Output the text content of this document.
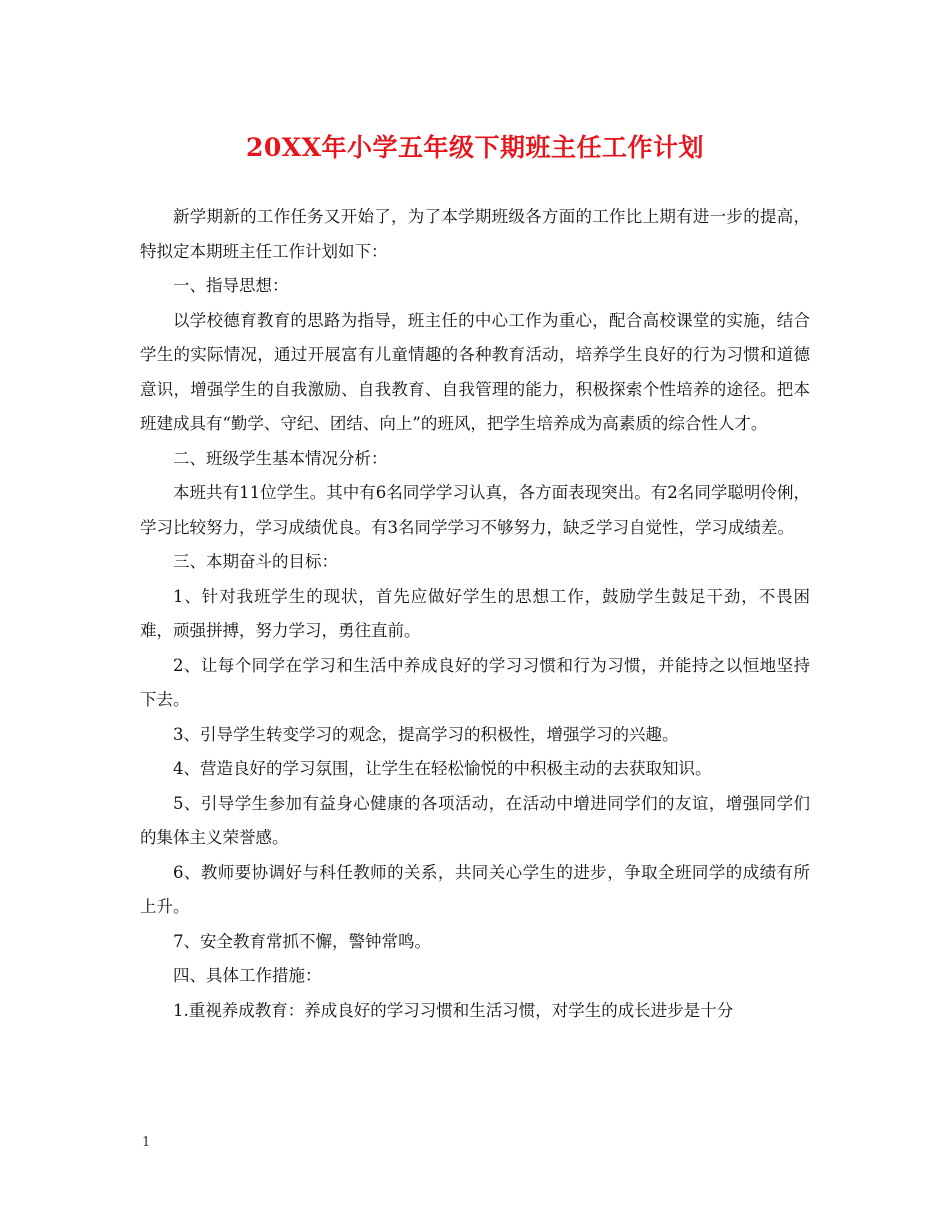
20XX年小学五年级下期班主任工作计划

新学期新的工作任务又开始了，为了本学期班级各方面的工作比上期有进一步的提高，特拟定本期班主任工作计划如下：

一、指导思想：

以学校德育教育的思路为指导，班主任的中心工作为重心，配合高校课堂的实施，结合学生的实际情况，通过开展富有儿童情趣的各种教育活动，培养学生良好的行为习惯和道德意识，增强学生的自我激励、自我教育、自我管理的能力，积极探索个性培养的途径。把本班建成具有“勤学、守纪、团结、向上”的班风，把学生培养成为高素质的综合性人才。

二、班级学生基本情况分析：

本班共有11位学生。其中有6名同学学习认真，各方面表现突出。有2名同学聪明伶俐，学习比较努力，学习成绩优良。有3名同学学习不够努力，缺乏学习自觉性，学习成绩差。

三、本期奋斗的目标：

1、针对我班学生的现状，首先应做好学生的思想工作，鼓励学生鼓足干劲，不畏困难，顽强拼搏，努力学习，勇往直前。

2、让每个同学在学习和生活中养成良好的学习习惯和行为习惯，并能持之以恒地坚持下去。

3、引导学生转变学习的观念，提高学习的积极性，增强学习的兴趣。

4、营造良好的学习氛围，让学生在轻松愉悦的中积极主动的去获取知识。

5、引导学生参加有益身心健康的各项活动，在活动中增进同学们的友谊，增强同学们的集体主义荣誉感。

6、教师要协调好与科任教师的关系，共同关心学生的进步，争取全班同学的成绩有所上升。

7、安全教育常抓不懈，警钟常鸣。

四、具体工作措施：

1.重视养成教育：养成良好的学习习惯和生活习惯，对学生的成长进步是十分

1
